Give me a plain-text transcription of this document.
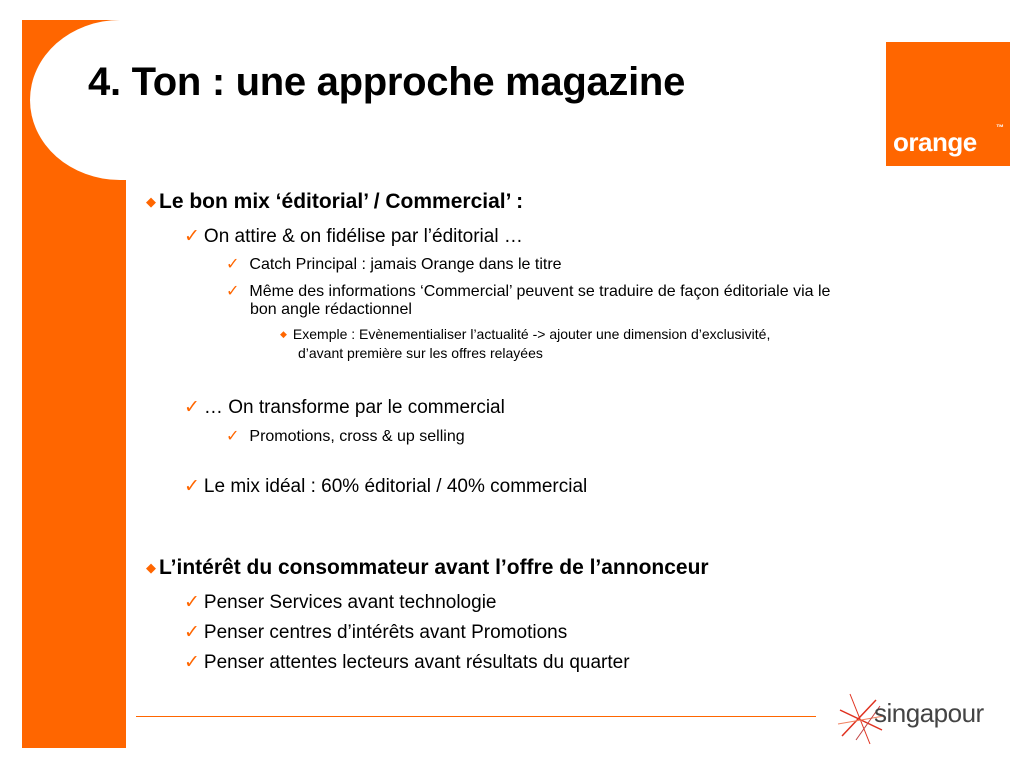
4. Ton : une approche magazine
orange ™
◆ Le bon mix ‘éditorial’ / Commercial’ :
✓ On attire & on fidélise par l’éditorial …
✓ Catch Principal : jamais Orange dans le titre
✓ Même des informations ‘Commercial’ peuvent se traduire de façon éditoriale via le
bon angle rédactionnel
◆ Exemple : Evènementialiser l’actualité -> ajouter une dimension d’exclusivité,
d’avant première sur les offres relayées
✓ … On transforme par le commercial
✓ Promotions, cross & up selling
✓ Le mix idéal : 60% éditorial / 40% commercial
◆ L’intérêt du consommateur avant l’offre de l’annonceur
✓ Penser Services avant technologie
✓ Penser centres d’intérêts avant Promotions
✓ Penser attentes lecteurs avant résultats du quarter
singapour
